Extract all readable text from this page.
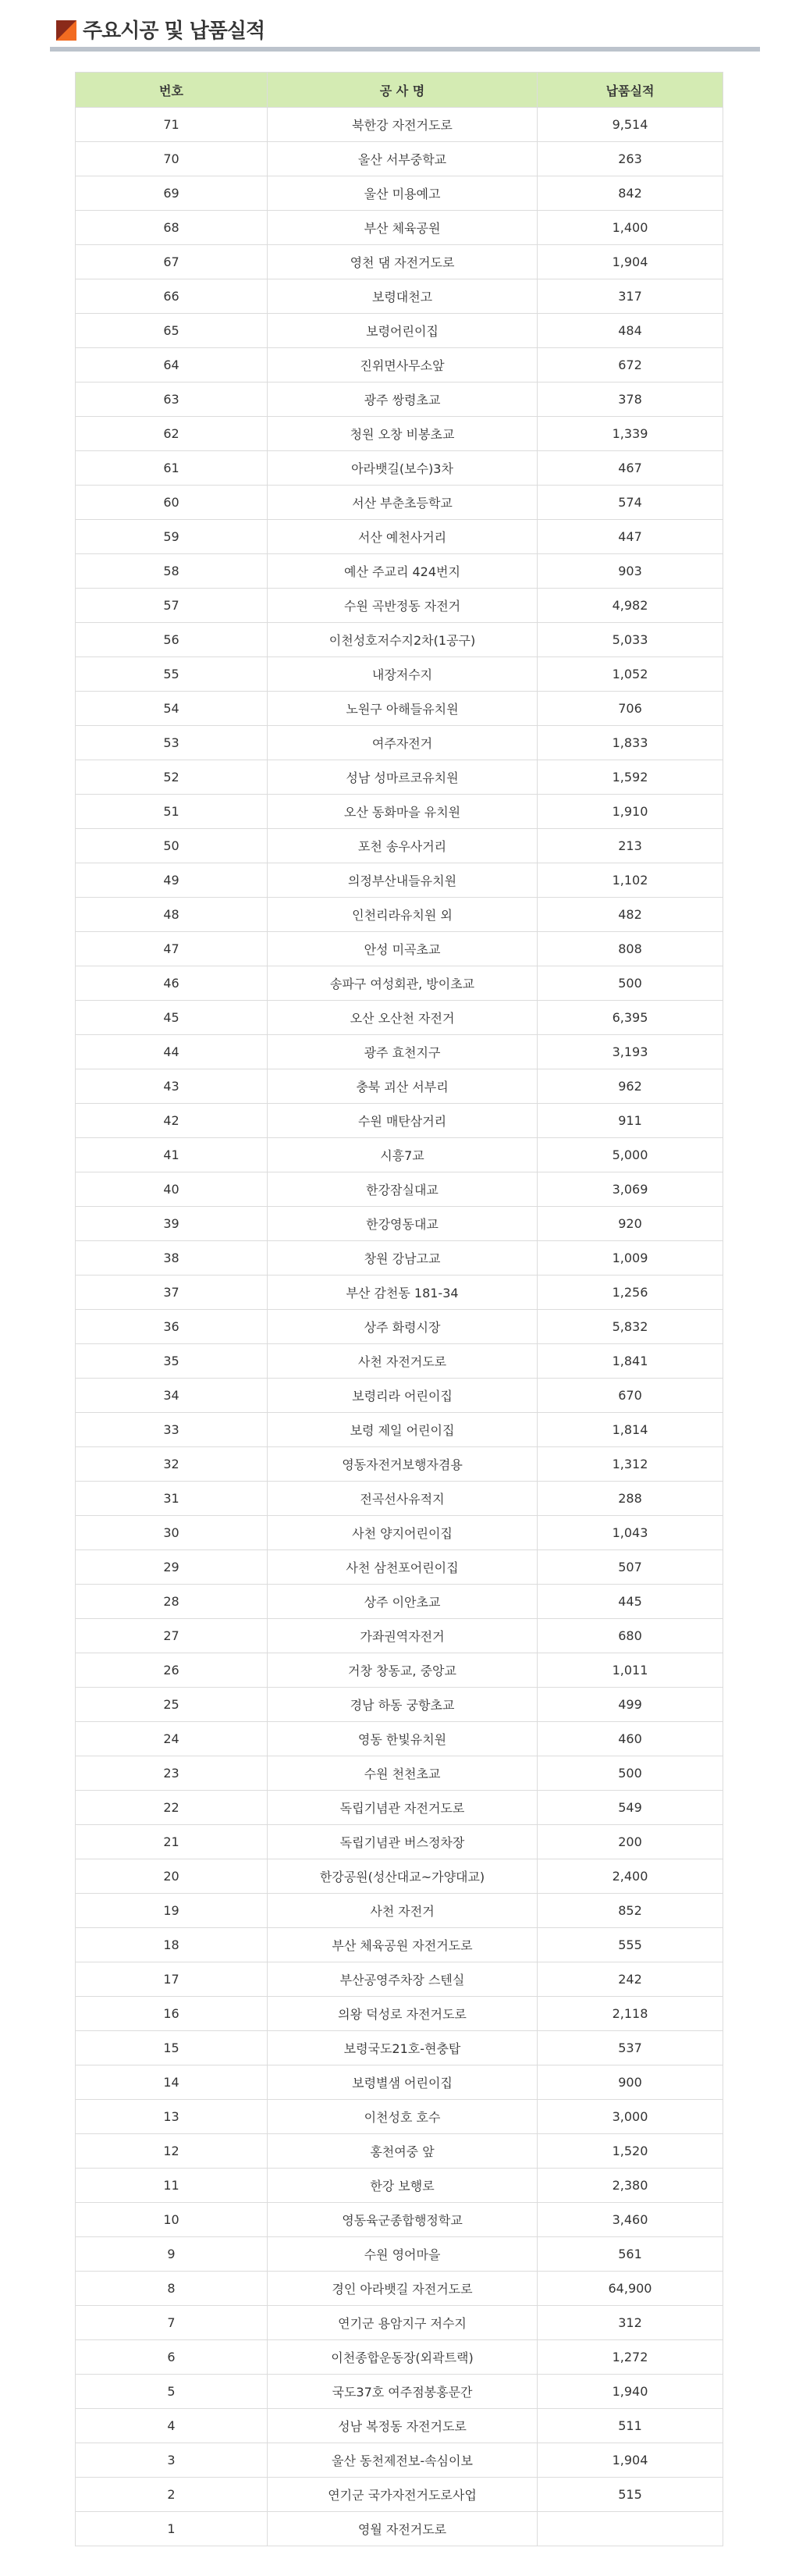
주요시공 및 납품실적
번호	공 사 명	납품실적
71	북한강 자전거도로	9,514
70	울산 서부중학교	263
69	울산 미용예고	842
68	부산 체육공원	1,400
67	영천 댐 자전거도로	1,904
66	보령대천고	317
65	보령어린이집	484
64	진위면사무소앞	672
63	광주 쌍령초교	378
62	청원 오창 비봉초교	1,339
61	아라뱃길(보수)3차	467
60	서산 부춘초등학교	574
59	서산 예천사거리	447
58	예산 주교리 424번지	903
57	수원 곡반정동 자전거	4,982
56	이천성호저수지2차(1공구)	5,033
55	내장저수지	1,052
54	노원구 아해들유치원	706
53	여주자전거	1,833
52	성남 성마르코유치원	1,592
51	오산 동화마을 유치원	1,910
50	포천 송우사거리	213
49	의정부산내들유치원	1,102
48	인천리라유치원 외	482
47	안성 미곡초교	808
46	송파구 여성회관, 방이초교	500
45	오산 오산천 자전거	6,395
44	광주 효천지구	3,193
43	충북 괴산 서부리	962
42	수원 매탄삼거리	911
41	시흥7교	5,000
40	한강잠실대교	3,069
39	한강영동대교	920
38	창원 강남고교	1,009
37	부산 감천동 181-34	1,256
36	상주 화령시장	5,832
35	사천 자전거도로	1,841
34	보령리라 어린이집	670
33	보령 제일 어린이집	1,814
32	영동자전거보행자겸용	1,312
31	전곡선사유적지	288
30	사천 양지어린이집	1,043
29	사천 삼천포어린이집	507
28	상주 이안초교	445
27	가좌권역자전거	680
26	거창 창동교, 중앙교	1,011
25	경남 하동 궁항초교	499
24	영동 한빛유치원	460
23	수원 천천초교	500
22	독립기념관 자전거도로	549
21	독립기념관 버스정차장	200
20	한강공원(성산대교~가양대교)	2,400
19	사천 자전거	852
18	부산 체육공원 자전거도로	555
17	부산공영주차장 스텐실	242
16	의왕 덕성로 자전거도로	2,118
15	보령국도21호-현충탑	537
14	보령별샘 어린이집	900
13	이천성호 호수	3,000
12	홍천여중 앞	1,520
11	한강 보행로	2,380
10	영동육군종합행정학교	3,460
9	수원 영어마을	561
8	경인 아라뱃길 자전거도로	64,900
7	연기군 용암지구 저수지	312
6	이천종합운동장(외곽트랙)	1,272
5	국도37호 여주점봉홍문간	1,940
4	성남 복정동 자전거도로	511
3	울산 동천제전보-속심이보	1,904
2	연기군 국가자전거도로사업	515
1	영월 자전거도로	
